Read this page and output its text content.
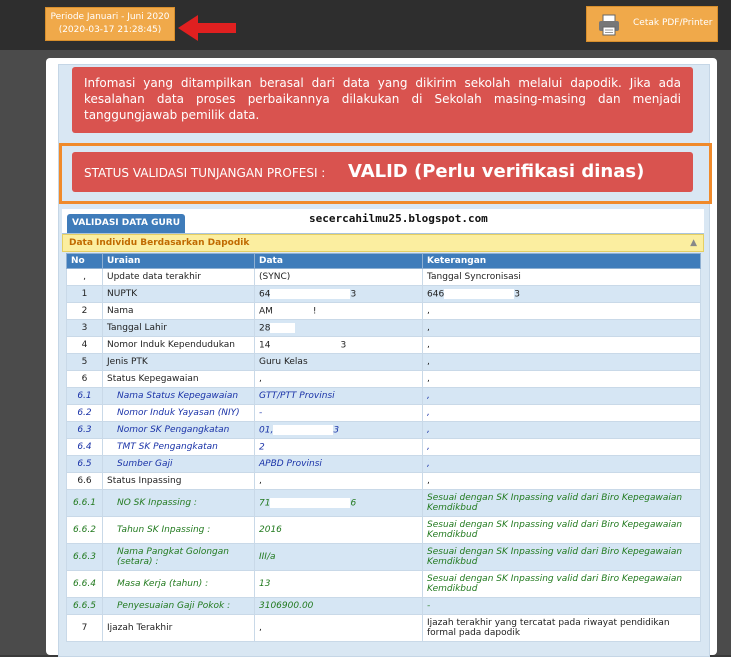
Periode Januari - Juni 2020
(2020-03-17 21:28:45)
Cetak PDF/Printer
Infomasi yang ditampilkan berasal dari data yang dikirim sekolah melalui dapodik. Jika ada kesalahan data proses perbaikannya dilakukan di Sekolah masing-masing dan menjadi tanggungjawab pemilik data.
STATUS VALIDASI TUNJANGAN PROFESI : VALID (Perlu verifikasi dinas)
VALIDASI DATA GURU	secercahilmu25.blogspot.com
Data Individu Berdasarkan Dapodik	▲
No	Uraian	Data	Keterangan
,	Update data terakhir	(SYNC)	Tanggal Syncronisasi
1	NUPTK	64 3	646 3
2	Nama	AM !	,
3	Tanggal Lahir	28	,
4	Nomor Induk Kependudukan	14 3	,
5	Jenis PTK	Guru Kelas	,
6	Status Kepegawaian	,	,
6.1	Nama Status Kepegawaian	GTT/PTT Provinsi	,
6.2	Nomor Induk Yayasan (NIY)	-	,
6.3	Nomor SK Pengangkatan	01, 3	,
6.4	TMT SK Pengangkatan	2	,
6.5	Sumber Gaji	APBD Provinsi	,
6.6	Status Inpassing	,	,
6.6.1	NO SK Inpassing :	71 6	Sesuai dengan SK Inpassing valid dari Biro Kepegawaian Kemdikbud
6.6.2	Tahun SK Inpassing :	2016	Sesuai dengan SK Inpassing valid dari Biro Kepegawaian Kemdikbud
6.6.3	Nama Pangkat Golongan (setara) :	III/a	Sesuai dengan SK Inpassing valid dari Biro Kepegawaian Kemdikbud
6.6.4	Masa Kerja (tahun) :	13	Sesuai dengan SK Inpassing valid dari Biro Kepegawaian Kemdikbud
6.6.5	Penyesuaian Gaji Pokok :	3106900.00	-
7	Ijazah Terakhir	,	Ijazah terakhir yang tercatat pada riwayat pendidikan formal pada dapodik
